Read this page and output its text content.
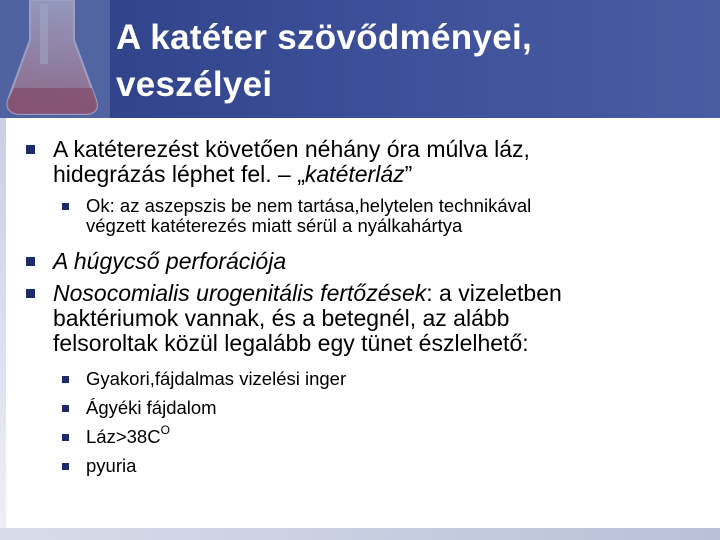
A katéter szövődményei,
veszélyei
A katéterezést követően néhány óra múlva láz,
hidegrázás léphet fel. – „katéterláz”
Ok: az aszepszis be nem tartása,helytelen technikával
végzett katéterezés miatt sérül a nyálkahártya
A húgycső perforációja
Nosocomialis urogenitális fertőzések: a vizeletben
baktériumok vannak, és a betegnél, az alább
felsoroltak közül legalább egy tünet észlelhető:
Gyakori,fájdalmas vizelési inger
Ágyéki fájdalom
$Láz>38C^O$
pyuria
